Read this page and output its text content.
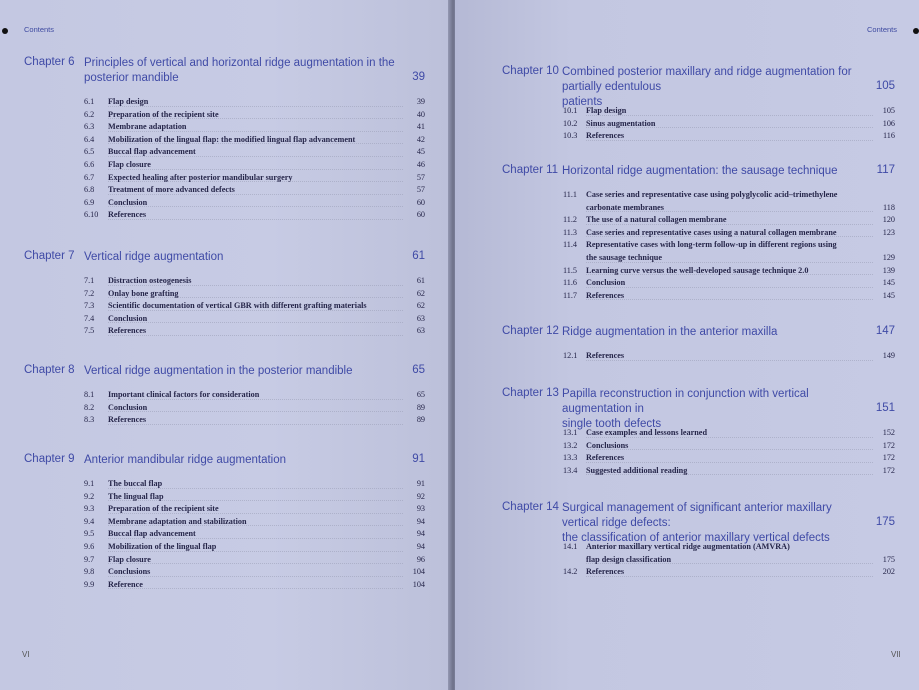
Contents
Chapter 6 Principles of vertical and horizontal ridge augmentation in the
posterior mandible	39
6.1	Flap design	39
6.2	Preparation of the recipient site	40
6.3	Membrane adaptation	41
6.4	Mobilization of the lingual flap: the modified lingual flap advancement	42
6.5	Buccal flap advancement	45
6.6	Flap closure	46
6.7	Expected healing after posterior mandibular surgery	57
6.8	Treatment of more advanced defects	57
6.9	Conclusion	60
6.10	References	60
Chapter 7 Vertical ridge augmentation	61
7.1	Distraction osteogenesis	61
7.2	Onlay bone grafting	62
7.3	Scientific documentation of vertical GBR with different grafting materials	62
7.4	Conclusion	63
7.5	References	63
Chapter 8 Vertical ridge augmentation in the posterior mandible	65
8.1	Important clinical factors for consideration	65
8.2	Conclusion	89
8.3	References	89
Chapter 9 Anterior mandibular ridge augmentation	91
9.1	The buccal flap	91
9.2	The lingual flap	92
9.3	Preparation of the recipient site	93
9.4	Membrane adaptation and stabilization	94
9.5	Buccal flap advancement	94
9.6	Mobilization of the lingual flap	94
9.7	Flap closure	96
9.8	Conclusions	104
9.9	Reference	104
VI
Contents
Chapter 10 Combined posterior maxillary and ridge augmentation for partially edentulous
patients
105
10.1	Flap design	105
10.2	Sinus augmentation	106
10.3	References	116
Chapter 11 Horizontal ridge augmentation: the sausage technique	117
11.1	Case series and representative case using polyglycolic acid–trimethylene
carbonate membranes	118
11.2	The use of a natural collagen membrane	120
11.3	Case series and representative cases using a natural collagen membrane	123
11.4	Representative cases with long-term follow-up in different regions using
the sausage technique	129
11.5	Learning curve versus the well-developed sausage technique 2.0	139
11.6	Conclusion	145
11.7	References	145
Chapter 12 Ridge augmentation in the anterior maxilla	147
12.1	References	149
Chapter 13 Papilla reconstruction in conjunction with vertical augmentation in
single tooth defects
151
13.1	Case examples and lessons learned	152
13.2	Conclusions	172
13.3	References	172
13.4	Suggested additional reading	172
Chapter 14 Surgical management of significant anterior maxillary vertical ridge defects:
the classification of anterior maxillary vertical defects
175
14.1	Anterior maxillary vertical ridge augmentation (AMVRA)
flap design classification	175
14.2	References	202
VII
